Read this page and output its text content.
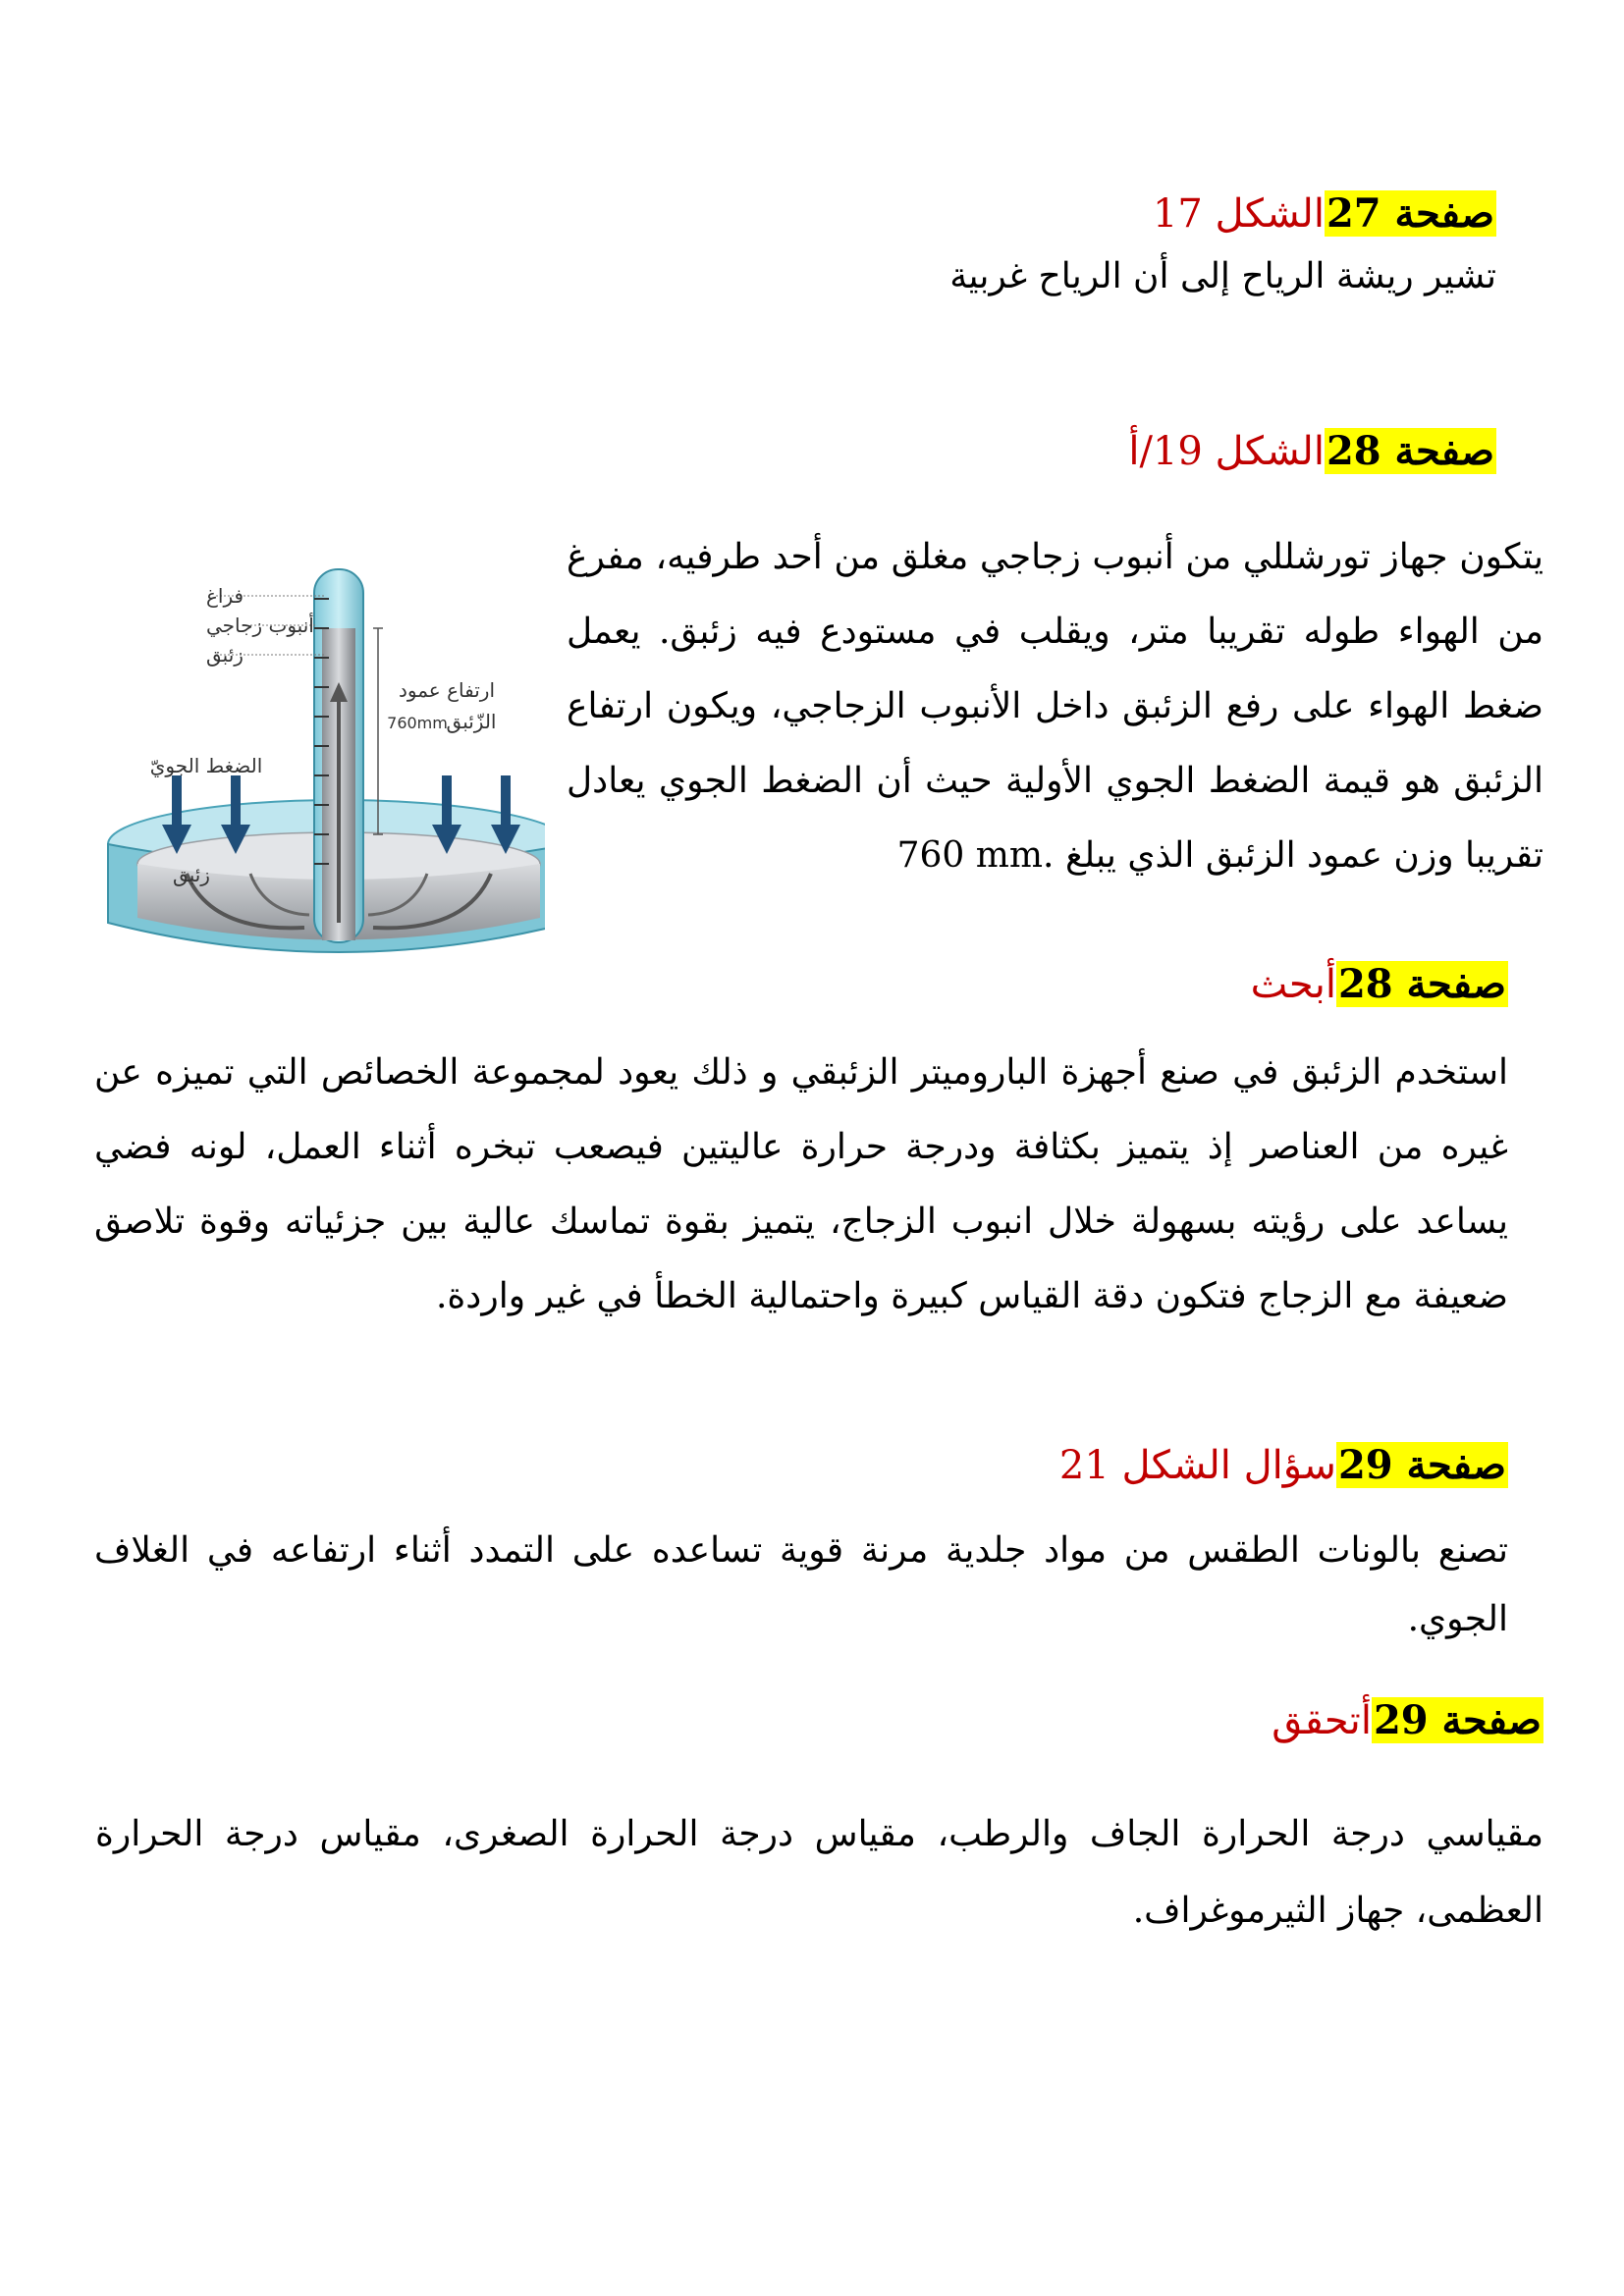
صفحة 27الشكل 17
تشير ريشة الرياح إلى أن الرياح غربية
صفحة 28الشكل 19/أ
يتكون جهاز تورشللي من أنبوب زجاجي مغلق من أحد طرفيه، مفرغ من الهواء طوله تقريبا متر، ويقلب في مستودع فيه زئبق. يعمل ضغط الهواء على رفع الزئبق داخل الأنبوب الزجاجي، ويكون ارتفاع الزئبق هو قيمة الضغط الجوي الأولية حيث أن الضغط الجوي يعادل تقريبا وزن عمود الزئبق الذي يبلغ 760 mm.
فراغ
أنبوب زجاجي
زئبق
ارتفاع عمود
الزّئبق
760mm
الضغط الجويّ
زئبق
صفحة 28أبحث
استخدم الزئبق في صنع أجهزة الباروميتر الزئبقي و ذلك يعود لمجموعة الخصائص التي تميزه عن غيره من العناصر إذ يتميز بكثافة ودرجة حرارة عاليتين فيصعب تبخره أثناء العمل، لونه فضي يساعد على رؤيته بسهولة خلال انبوب الزجاج، يتميز بقوة تماسك عالية بين جزئياته وقوة تلاصق ضعيفة مع الزجاج فتكون دقة القياس كبيرة واحتمالية الخطأ في غير واردة.
صفحة 29سؤال الشكل 21
تصنع بالونات الطقس من مواد جلدية مرنة قوية تساعده على التمدد أثناء ارتفاعه في الغلاف الجوي.
صفحة 29أتحقق
مقياسي درجة الحرارة الجاف والرطب، مقياس درجة الحرارة الصغرى، مقياس درجة الحرارة العظمى، جهاز الثيرموغراف.
